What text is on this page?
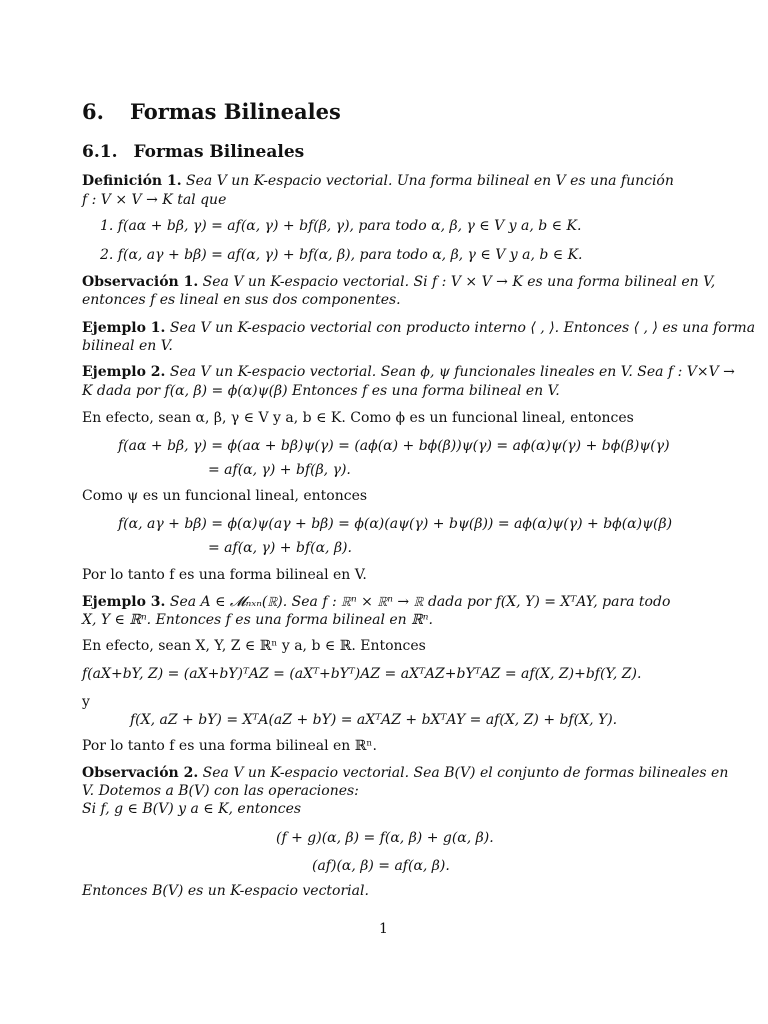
6. Formas Bilineales
6.1. Formas Bilineales
Definición 1. Sea V un K-espacio vectorial. Una forma bilineal en V es una función
f : V × V → K tal que
1. f(aα + bβ, γ) = af(α, γ) + bf(β, γ), para todo α, β, γ ∈ V y a, b ∈ K.
2. f(α, aγ + bβ) = af(α, γ) + bf(α, β), para todo α, β, γ ∈ V y a, b ∈ K.
Observación 1. Sea V un K-espacio vectorial. Si f : V × V → K es una forma bilineal en V,
entonces f es lineal en sus dos componentes.
Ejemplo 1. Sea V un K-espacio vectorial con producto interno ⟨ , ⟩. Entonces ⟨ , ⟩ es una forma
bilineal en V.
Ejemplo 2. Sea V un K-espacio vectorial. Sean ϕ, ψ funcionales lineales en V. Sea f : V×V →
K dada por f(α, β) = ϕ(α)ψ(β) Entonces f es una forma bilineal en V.
En efecto, sean α, β, γ ∈ V y a, b ∈ K. Como ϕ es un funcional lineal, entonces
f(aα + bβ, γ) = ϕ(aα + bβ)ψ(γ) = (aϕ(α) + bϕ(β))ψ(γ) = aϕ(α)ψ(γ) + bϕ(β)ψ(γ)
= af(α, γ) + bf(β, γ).
Como ψ es un funcional lineal, entonces
f(α, aγ + bβ) = ϕ(α)ψ(aγ + bβ) = ϕ(α)(aψ(γ) + bψ(β)) = aϕ(α)ψ(γ) + bϕ(α)ψ(β)
= af(α, γ) + bf(α, β).
Por lo tanto f es una forma bilineal en V.
Ejemplo 3. Sea A ∈ 𝓜ₙₓₙ(ℝ). Sea f : ℝⁿ × ℝⁿ → ℝ dada por f(X, Y) = XᵀAY, para todo
X, Y ∈ ℝⁿ. Entonces f es una forma bilineal en ℝⁿ.
En efecto, sean X, Y, Z ∈ ℝⁿ y a, b ∈ ℝ. Entonces
f(aX+bY, Z) = (aX+bY)ᵀAZ = (aXᵀ+bYᵀ)AZ = aXᵀAZ+bYᵀAZ = af(X, Z)+bf(Y, Z).
y
f(X, aZ + bY) = XᵀA(aZ + bY) = aXᵀAZ + bXᵀAY = af(X, Z) + bf(X, Y).
Por lo tanto f es una forma bilineal en ℝⁿ.
Observación 2. Sea V un K-espacio vectorial. Sea B(V) el conjunto de formas bilineales en
V. Dotemos a B(V) con las operaciones:
Si f, g ∈ B(V) y a ∈ K, entonces
(f + g)(α, β) = f(α, β) + g(α, β).
(af)(α, β) = af(α, β).
Entonces B(V) es un K-espacio vectorial.
1
